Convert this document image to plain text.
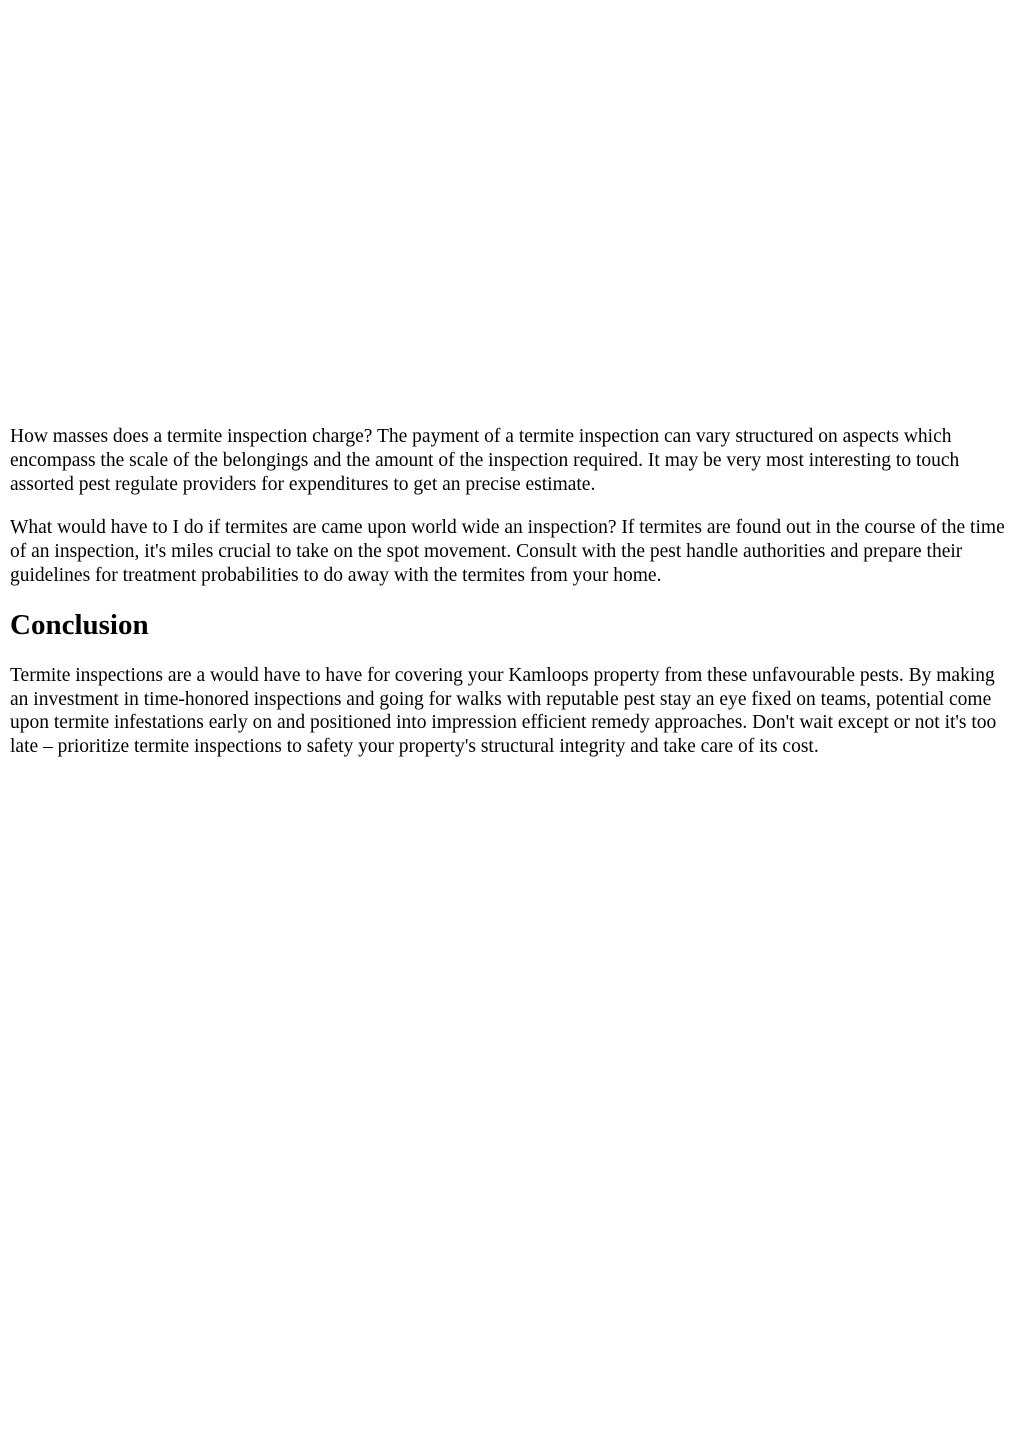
How masses does a termite inspection charge? The payment of a termite inspection can vary structured on aspects which encompass the scale of the belongings and the amount of the inspection required. It may be very most interesting to touch assorted pest regulate providers for expenditures to get an precise estimate.

What would have to I do if termites are came upon world wide an inspection? If termites are found out in the course of the time of an inspection, it's miles crucial to take on the spot movement. Consult with the pest handle authorities and prepare their guidelines for treatment probabilities to do away with the termites from your home.

Conclusion

Termite inspections are a would have to have for covering your Kamloops property from these unfavourable pests. By making an investment in time-honored inspections and going for walks with reputable pest stay an eye fixed on teams, potential come upon termite infestations early on and positioned into impression efficient remedy approaches. Don't wait except or not it's too late – prioritize termite inspections to safety your property's structural integrity and take care of its cost.
